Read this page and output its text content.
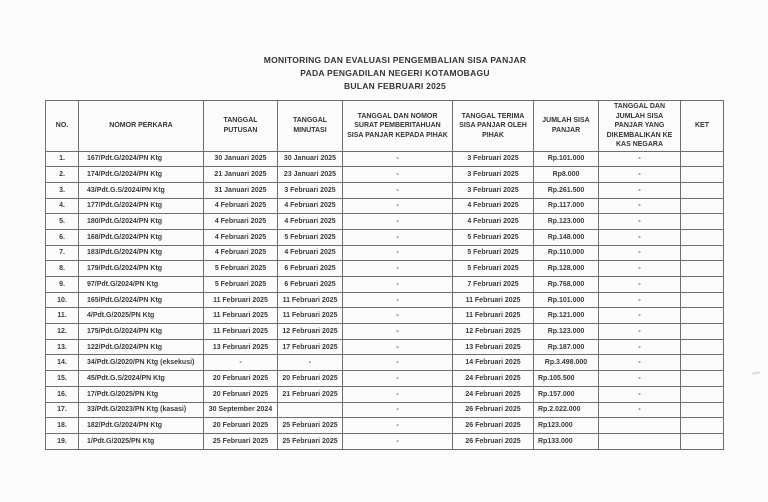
MONITORING DAN EVALUASI PENGEMBALIAN SISA PANJAR
PADA PENGADILAN NEGERI KOTAMOBAGU
BULAN FEBRUARI 2025
NO.	NOMOR PERKARA	TANGGAL PUTUSAN	TANGGAL MINUTASI	TANGGAL DAN NOMOR SURAT PEMBERITAHUAN SISA PANJAR KEPADA PIHAK	TANGGAL TERIMA SISA PANJAR OLEH PIHAK	JUMLAH SISA PANJAR	TANGGAL DAN JUMLAH SISA PANJAR YANG DIKEMBALIKAN KE KAS NEGARA	KET
1.	167/Pdt.G/2024/PN Ktg	30 Januari 2025	30 Januari 2025	-	3 Februari 2025	Rp.101.000	-	
2.	174/Pdt.G/2024/PN Ktg	21 Januari 2025	23 Januari 2025	-	3 Februari 2025	Rp8.000	-	
3.	43/Pdt.G.S/2024/PN Ktg	31 Januari 2025	3 Februari 2025	-	3 Februari 2025	Rp.261.500	-	
4.	177/Pdt.G/2024/PN Ktg	4 Februari 2025	4 Februari 2025	-	4 Februari 2025	Rp.117.000	-	
5.	180/Pdt.G/2024/PN Ktg	4 Februari 2025	4 Februari 2025	-	4 Februari 2025	Rp.123.000	-	
6.	168/Pdt.G/2024/PN Ktg	4 Februari 2025	5 Februari 2025	-	5 Februari 2025	Rp.148.000	-	
7.	183/Pdt.G/2024/PN Ktg	4 Februari 2025	4 Februari 2025	-	5 Februari 2025	Rp.110.000	-	
8.	179/Pdt.G/2024/PN Ktg	5 Februari 2025	6 Februari 2025	-	5 Februari 2025	Rp.128.000	-	
9.	97/Pdt.G/2024/PN Ktg	5 Februari 2025	6 Februari 2025	-	7 Februari 2025	Rp.768.000	-	
10.	165/Pdt.G/2024/PN Ktg	11 Februari 2025	11 Februari 2025	-	11 Februari 2025	Rp.101.000	-	
11.	4/Pdt.G/2025/PN Ktg	11 Februari 2025	11 Februari 2025	-	11 Februari 2025	Rp.121.000	-	
12.	175/Pdt.G/2024/PN Ktg	11 Februari 2025	12 Februari 2025	-	12 Februari 2025	Rp.123.000	-	
13.	122/Pdt.G/2024/PN Ktg	13 Februari 2025	17 Februari 2025	-	13 Februari 2025	Rp.187.000	-	
14.	34/Pdt.G/2020/PN Ktg (eksekusi)	-	-	-	14 Februari 2025	Rp.3.498.000	-	
15.	45/Pdt.G.S/2024/PN Ktg	20 Februari 2025	20 Februari 2025	-	24 Februari 2025	Rp.105.500	-	
16.	17/Pdt.G/2025/PN Ktg	20 Februari 2025	21 Februari 2025	-	24 Februari 2025	Rp.157.000	-	
17.	33/Pdt.G/2023/PN Ktg (kasasi)	30 September 2024		-	26 Februari 2025	Rp.2.022.000	-	
18.	182/Pdt.G/2024/PN Ktg	20 Februari 2025	25 Februari 2025	-	26 Februari 2025	Rp123.000		
19.	1/Pdt.G/2025/PN Ktg	25 Februari 2025	25 Februari 2025	-	26 Februari 2025	Rp133.000		
